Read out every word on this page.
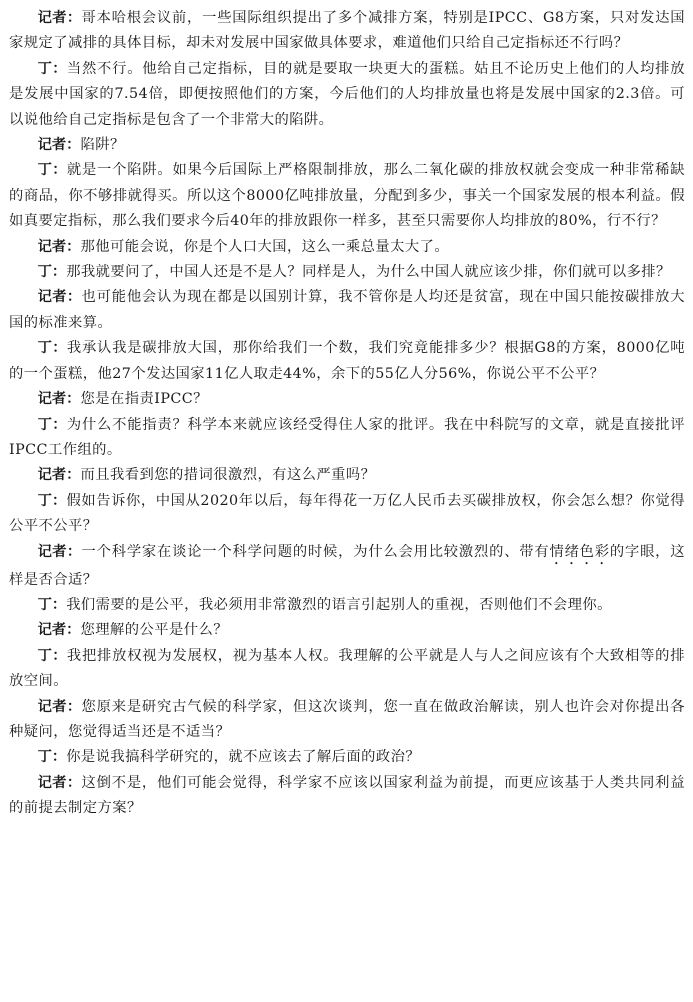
记者：哥本哈根会议前，一些国际组织提出了多个减排方案，特别是IPCC、G8方案，只对发达国家规定了减排的具体目标，却未对发展中国家做具体要求，难道他们只给自己定指标还不行吗？

丁：当然不行。他给自己定指标，目的就是要取一块更大的蛋糕。姑且不论历史上他们的人均排放是发展中国家的7.54倍，即便按照他们的方案，今后他们的人均排放量也将是发展中国家的2.3倍。可以说他给自己定指标是包含了一个非常大的陷阱。

记者：陷阱？

丁：就是一个陷阱。如果今后国际上严格限制排放，那么二氧化碳的排放权就会变成一种非常稀缺的商品，你不够排就得买。所以这个8000亿吨排放量，分配到多少，事关一个国家发展的根本利益。假如真要定指标，那么我们要求今后40年的排放跟你一样多，甚至只需要你人均排放的80%，行不行？

记者：那他可能会说，你是个人口大国，这么一乘总量太大了。

丁：那我就要问了，中国人还是不是人？同样是人，为什么中国人就应该少排，你们就可以多排？

记者：也可能他会认为现在都是以国别计算，我不管你是人均还是贫富，现在中国只能按碳排放大国的标准来算。

丁：我承认我是碳排放大国，那你给我们一个数，我们究竟能排多少？根据G8的方案，8000亿吨的一个蛋糕，他27个发达国家11亿人取走44%，余下的55亿人分56%，你说公平不公平？

记者：您是在指责IPCC？

丁：为什么不能指责？科学本来就应该经受得住人家的批评。我在中科院写的文章，就是直接批评IPCC工作组的。

记者：而且我看到您的措词很激烈，有这么严重吗？

丁：假如告诉你，中国从2020年以后，每年得花一万亿人民币去买碳排放权，你会怎么想？你觉得公平不公平？

记者：一个科学家在谈论一个科学问题的时候，为什么会用比较激烈的、带有情绪色彩的字眼，这样是否合适？

丁：我们需要的是公平，我必须用非常激烈的语言引起别人的重视，否则他们不会理你。

记者：您理解的公平是什么？

丁：我把排放权视为发展权，视为基本人权。我理解的公平就是人与人之间应该有个大致相等的排放空间。

记者：您原来是研究古气候的科学家，但这次谈判，您一直在做政治解读，别人也许会对你提出各种疑问，您觉得适当还是不适当？

丁：你是说我搞科学研究的，就不应该去了解后面的政治？

记者：这倒不是，他们可能会觉得，科学家不应该以国家利益为前提，而更应该基于人类共同利益的前提去制定方案？
